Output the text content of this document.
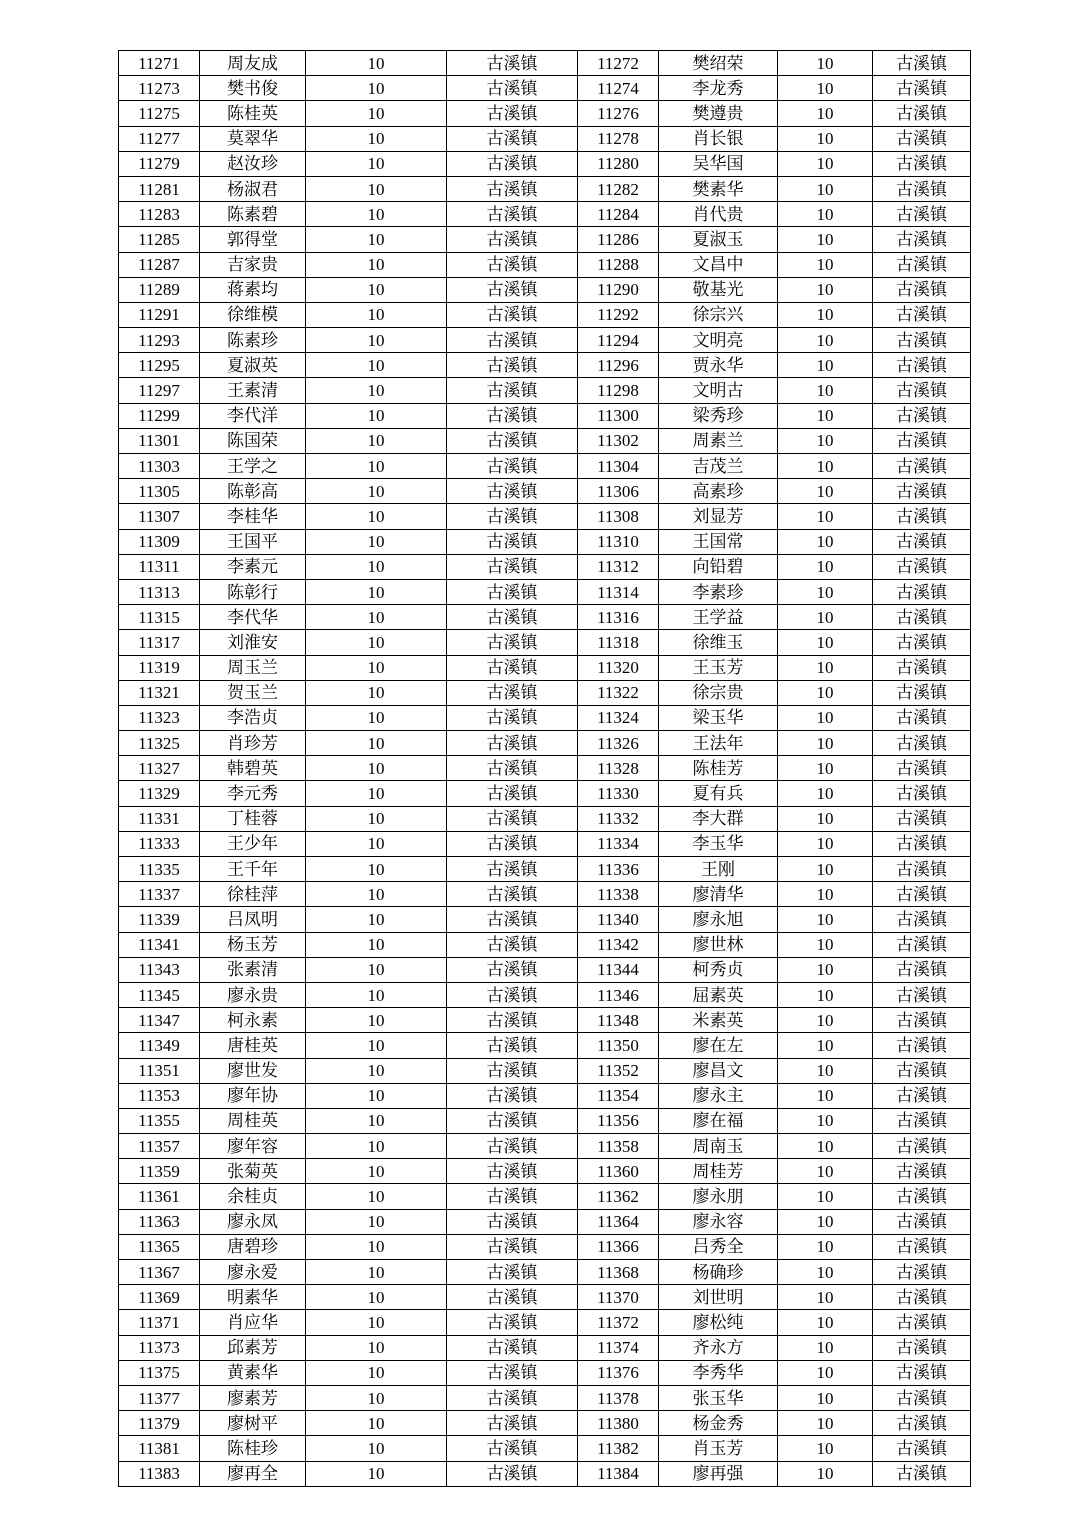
11271	周友成	10	古溪镇	11272	樊绍荣	10	古溪镇
11273	樊书俊	10	古溪镇	11274	李龙秀	10	古溪镇
11275	陈桂英	10	古溪镇	11276	樊遵贵	10	古溪镇
11277	莫翠华	10	古溪镇	11278	肖长银	10	古溪镇
11279	赵汝珍	10	古溪镇	11280	吴华国	10	古溪镇
11281	杨淑君	10	古溪镇	11282	樊素华	10	古溪镇
11283	陈素碧	10	古溪镇	11284	肖代贵	10	古溪镇
11285	郭得堂	10	古溪镇	11286	夏淑玉	10	古溪镇
11287	吉家贵	10	古溪镇	11288	文昌中	10	古溪镇
11289	蒋素均	10	古溪镇	11290	敬基光	10	古溪镇
11291	徐维模	10	古溪镇	11292	徐宗兴	10	古溪镇
11293	陈素珍	10	古溪镇	11294	文明亮	10	古溪镇
11295	夏淑英	10	古溪镇	11296	贾永华	10	古溪镇
11297	王素清	10	古溪镇	11298	文明古	10	古溪镇
11299	李代洋	10	古溪镇	11300	梁秀珍	10	古溪镇
11301	陈国荣	10	古溪镇	11302	周素兰	10	古溪镇
11303	王学之	10	古溪镇	11304	吉茂兰	10	古溪镇
11305	陈彰高	10	古溪镇	11306	高素珍	10	古溪镇
11307	李桂华	10	古溪镇	11308	刘显芳	10	古溪镇
11309	王国平	10	古溪镇	11310	王国常	10	古溪镇
11311	李素元	10	古溪镇	11312	向铅碧	10	古溪镇
11313	陈彰行	10	古溪镇	11314	李素珍	10	古溪镇
11315	李代华	10	古溪镇	11316	王学益	10	古溪镇
11317	刘淮安	10	古溪镇	11318	徐维玉	10	古溪镇
11319	周玉兰	10	古溪镇	11320	王玉芳	10	古溪镇
11321	贺玉兰	10	古溪镇	11322	徐宗贵	10	古溪镇
11323	李浩贞	10	古溪镇	11324	梁玉华	10	古溪镇
11325	肖珍芳	10	古溪镇	11326	王法年	10	古溪镇
11327	韩碧英	10	古溪镇	11328	陈桂芳	10	古溪镇
11329	李元秀	10	古溪镇	11330	夏有兵	10	古溪镇
11331	丁桂蓉	10	古溪镇	11332	李大群	10	古溪镇
11333	王少年	10	古溪镇	11334	李玉华	10	古溪镇
11335	王千年	10	古溪镇	11336	王刚	10	古溪镇
11337	徐桂萍	10	古溪镇	11338	廖清华	10	古溪镇
11339	吕凤明	10	古溪镇	11340	廖永旭	10	古溪镇
11341	杨玉芳	10	古溪镇	11342	廖世林	10	古溪镇
11343	张素清	10	古溪镇	11344	柯秀贞	10	古溪镇
11345	廖永贵	10	古溪镇	11346	屈素英	10	古溪镇
11347	柯永素	10	古溪镇	11348	米素英	10	古溪镇
11349	唐桂英	10	古溪镇	11350	廖在左	10	古溪镇
11351	廖世发	10	古溪镇	11352	廖昌文	10	古溪镇
11353	廖年协	10	古溪镇	11354	廖永主	10	古溪镇
11355	周桂英	10	古溪镇	11356	廖在福	10	古溪镇
11357	廖年容	10	古溪镇	11358	周南玉	10	古溪镇
11359	张菊英	10	古溪镇	11360	周桂芳	10	古溪镇
11361	余桂贞	10	古溪镇	11362	廖永朋	10	古溪镇
11363	廖永凤	10	古溪镇	11364	廖永容	10	古溪镇
11365	唐碧珍	10	古溪镇	11366	吕秀全	10	古溪镇
11367	廖永爱	10	古溪镇	11368	杨确珍	10	古溪镇
11369	明素华	10	古溪镇	11370	刘世明	10	古溪镇
11371	肖应华	10	古溪镇	11372	廖松纯	10	古溪镇
11373	邱素芳	10	古溪镇	11374	齐永方	10	古溪镇
11375	黄素华	10	古溪镇	11376	李秀华	10	古溪镇
11377	廖素芳	10	古溪镇	11378	张玉华	10	古溪镇
11379	廖树平	10	古溪镇	11380	杨金秀	10	古溪镇
11381	陈桂珍	10	古溪镇	11382	肖玉芳	10	古溪镇
11383	廖再全	10	古溪镇	11384	廖再强	10	古溪镇
